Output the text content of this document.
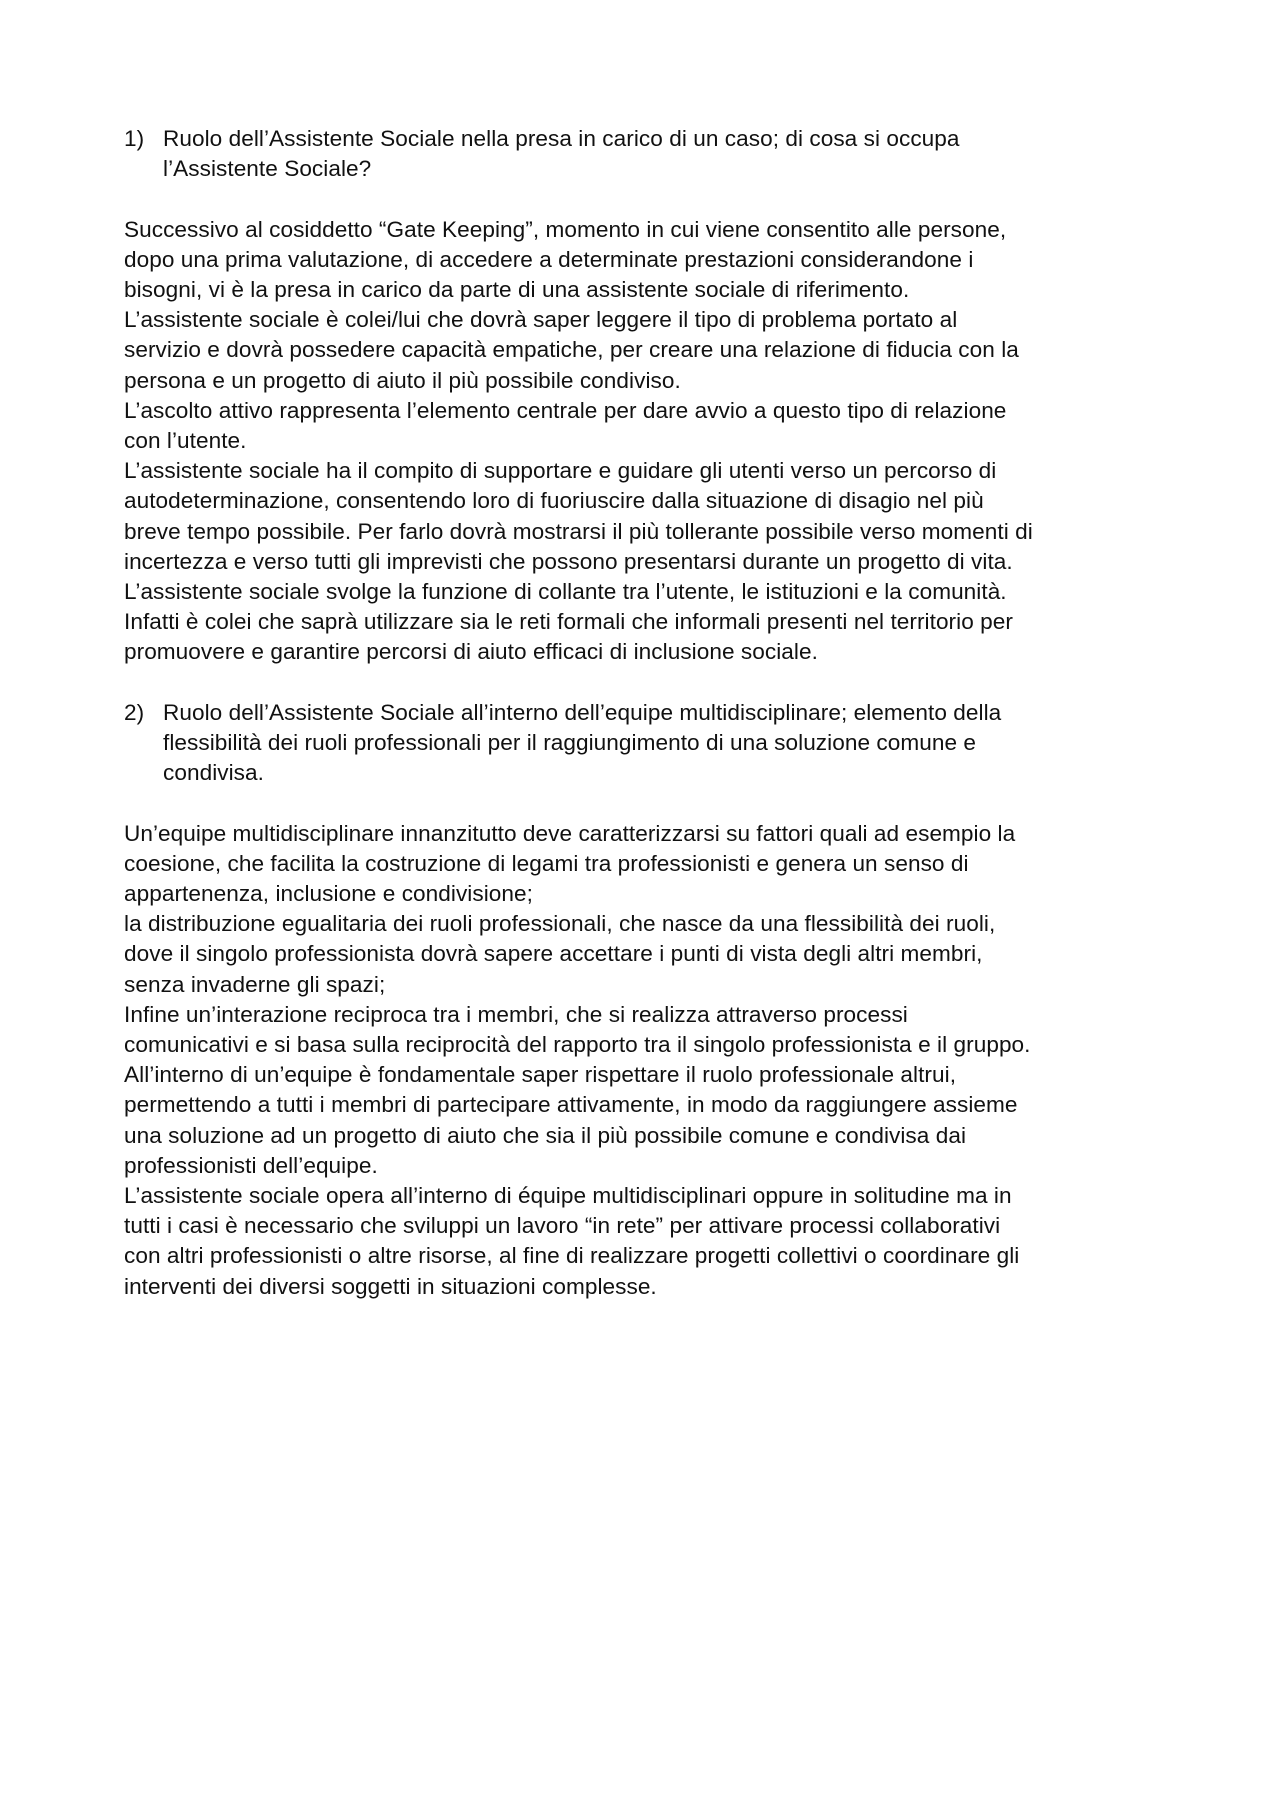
1) Ruolo dell’Assistente Sociale nella presa in carico di un caso; di cosa si occupa
l’Assistente Sociale?
Successivo al cosiddetto “Gate Keeping”, momento in cui viene consentito alle persone,
dopo una prima valutazione, di accedere a determinate prestazioni considerandone i
bisogni, vi è la presa in carico da parte di una assistente sociale di riferimento.
L’assistente sociale è colei/lui che dovrà saper leggere il tipo di problema portato al
servizio e dovrà possedere capacità empatiche, per creare una relazione di fiducia con la
persona e un progetto di aiuto il più possibile condiviso.
L’ascolto attivo rappresenta l’elemento centrale per dare avvio a questo tipo di relazione
con l’utente.
L’assistente sociale ha il compito di supportare e guidare gli utenti verso un percorso di
autodeterminazione, consentendo loro di fuoriuscire dalla situazione di disagio nel più
breve tempo possibile. Per farlo dovrà mostrarsi il più tollerante possibile verso momenti di
incertezza e verso tutti gli imprevisti che possono presentarsi durante un progetto di vita.
L’assistente sociale svolge la funzione di collante tra l’utente, le istituzioni e la comunità.
Infatti è colei che saprà utilizzare sia le reti formali che informali presenti nel territorio per
promuovere e garantire percorsi di aiuto efficaci di inclusione sociale.
2) Ruolo dell’Assistente Sociale all’interno dell’equipe multidisciplinare; elemento della
flessibilità dei ruoli professionali per il raggiungimento di una soluzione comune e
condivisa.
Un’equipe multidisciplinare innanzitutto deve caratterizzarsi su fattori quali ad esempio la
coesione, che facilita la costruzione di legami tra professionisti e genera un senso di
appartenenza, inclusione e condivisione;
la distribuzione egualitaria dei ruoli professionali, che nasce da una flessibilità dei ruoli,
dove il singolo professionista dovrà sapere accettare i punti di vista degli altri membri,
senza invaderne gli spazi;
Infine un’interazione reciproca tra i membri, che si realizza attraverso processi
comunicativi e si basa sulla reciprocità del rapporto tra il singolo professionista e il gruppo.
All’interno di un’equipe è fondamentale saper rispettare il ruolo professionale altrui,
permettendo a tutti i membri di partecipare attivamente, in modo da raggiungere assieme
una soluzione ad un progetto di aiuto che sia il più possibile comune e condivisa dai
professionisti dell’equipe.
L’assistente sociale opera all’interno di équipe multidisciplinari oppure in solitudine ma in
tutti i casi è necessario che sviluppi un lavoro “in rete” per attivare processi collaborativi
con altri professionisti o altre risorse, al fine di realizzare progetti collettivi o coordinare gli
interventi dei diversi soggetti in situazioni complesse.
